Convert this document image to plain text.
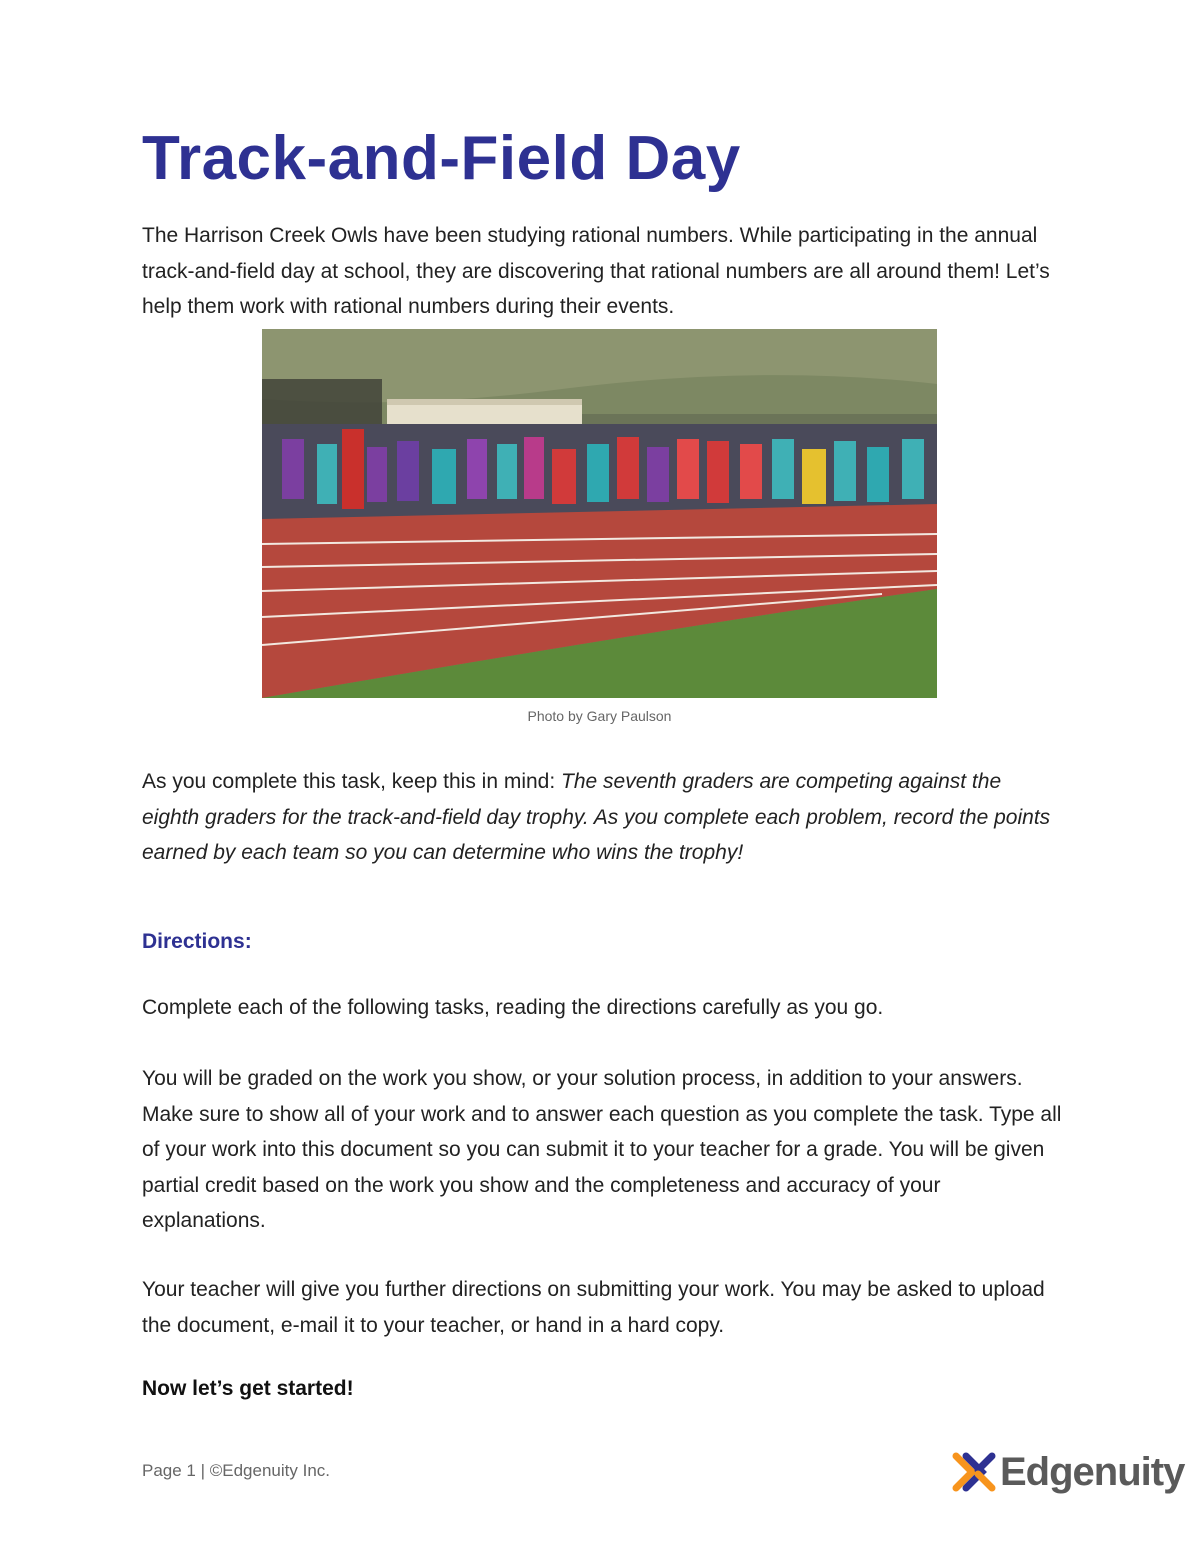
Track-and-Field Day

The Harrison Creek Owls have been studying rational numbers. While participating in the annual track-and-field day at school, they are discovering that rational numbers are all around them! Let’s help them work with rational numbers during their events.

Photo by Gary Paulson

As you complete this task, keep this in mind: The seventh graders are competing against the eighth graders for the track-and-field day trophy. As you complete each problem, record the points earned by each team so you can determine who wins the trophy!

Directions:

Complete each of the following tasks, reading the directions carefully as you go.

You will be graded on the work you show, or your solution process, in addition to your answers. Make sure to show all of your work and to answer each question as you complete the task. Type all of your work into this document so you can submit it to your teacher for a grade. You will be given partial credit based on the work you show and the completeness and accuracy of your explanations.

Your teacher will give you further directions on submitting your work. You may be asked to upload the document, e-mail it to your teacher, or hand in a hard copy.

Now let’s get started!

Page 1 | ©Edgenuity Inc.	Edgenuity
